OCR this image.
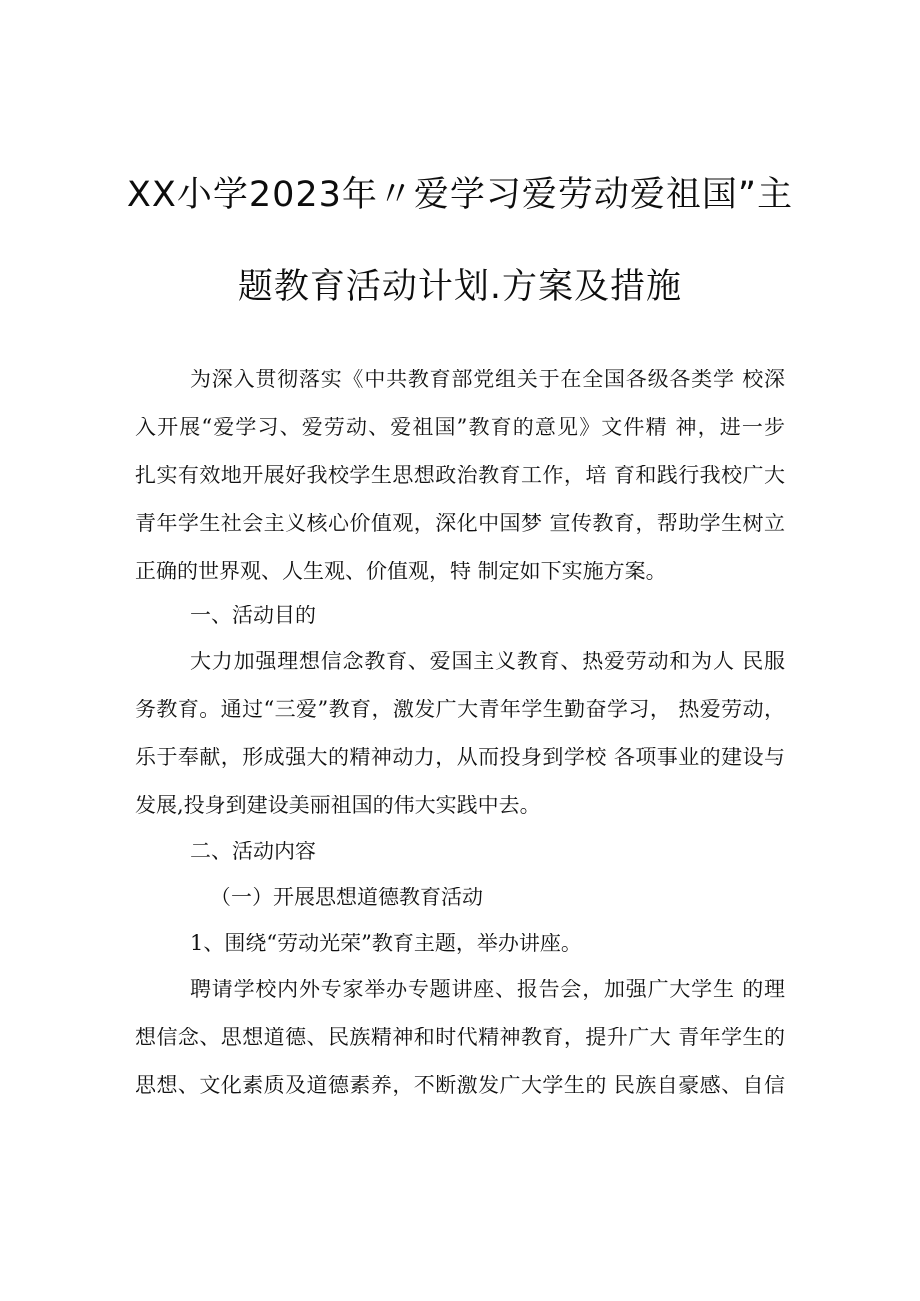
XX小学2023年〃爱学习爱劳动爱祖国”主
题教育活动计划.方案及措施
为深入贯彻落实《中共教育部党组关于在全国各级各类学 校深
入开展“爱学习、爱劳动、爱祖国”教育的意见》文件精 神，进一步
扎实有效地开展好我校学生思想政治教育工作，培 育和践行我校广大
青年学生社会主义核心价值观，深化中国梦 宣传教育，帮助学生树立
正确的世界观、人生观、价值观，特 制定如下实施方案。
一、活动目的
大力加强理想信念教育、爱国主义教育、热爱劳动和为人 民服
务教育。通过“三爱”教育，激发广大青年学生勤奋学习， 热爱劳动，
乐于奉献，形成强大的精神动力，从而投身到学校 各项事业的建设与
发展,投身到建设美丽祖国的伟大实践中去。
二、活动内容
（一）开展思想道德教育活动
1、围绕“劳动光荣”教育主题，举办讲座。
聘请学校内外专家举办专题讲座、报告会，加强广大学生 的理
想信念、思想道德、民族精神和时代精神教育，提升广大 青年学生的
思想、文化素质及道德素养，不断激发广大学生的 民族自豪感、自信
